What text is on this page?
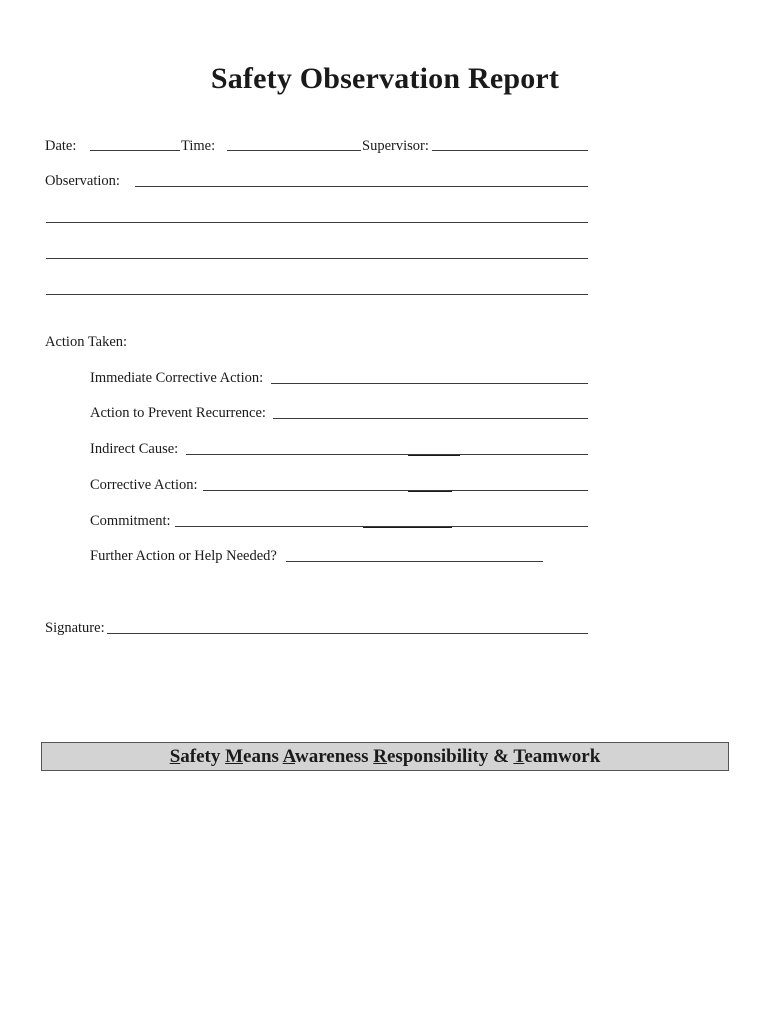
Safety Observation Report
Date:	Time:	Supervisor:
Observation:
Action Taken:
Immediate Corrective Action:
Action to Prevent Recurrence:
Indirect Cause:
Corrective Action:
Commitment:
Further Action or Help Needed?
Signature:
Safety Means Awareness Responsibility & Teamwork
